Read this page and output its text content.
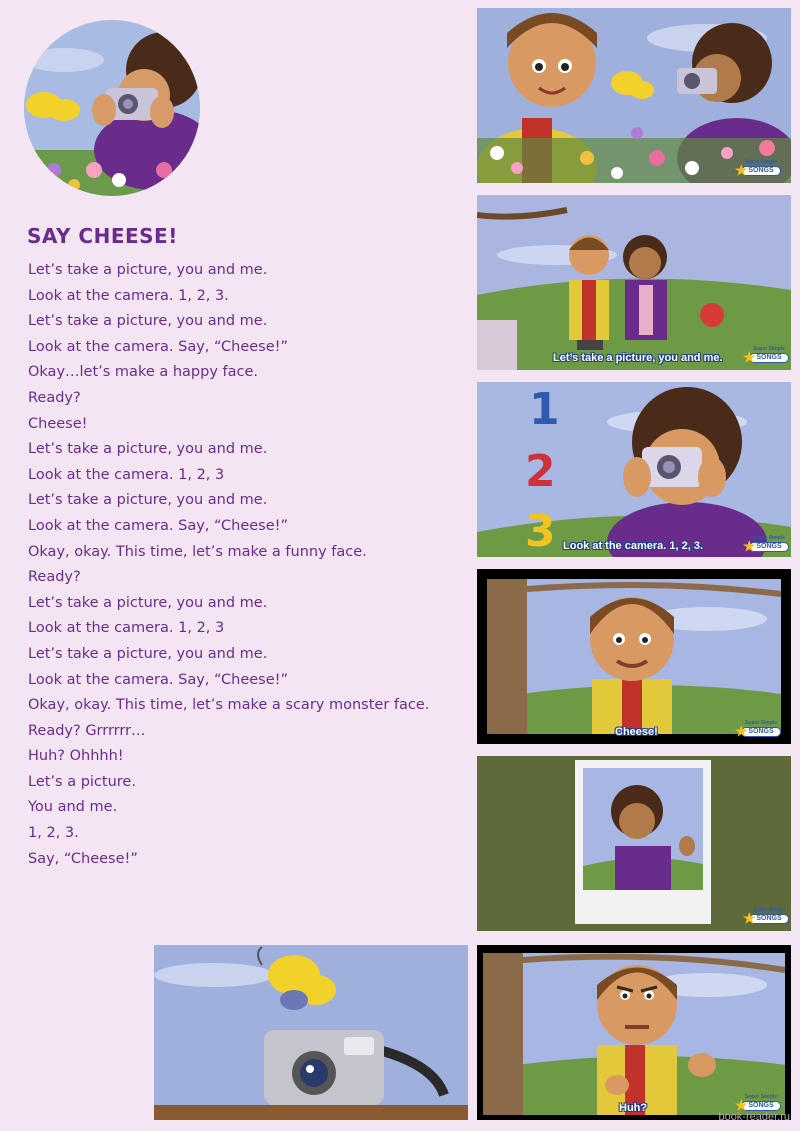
SAY CHEESE!
Let’s take a picture, you and me.
Look at the camera. 1, 2, 3.
Let’s take a picture, you and me.
Look at the camera. Say, “Cheese!”
Okay…let’s make a happy face.
Ready?
Cheese!
Let’s take a picture, you and me.
Look at the camera. 1, 2, 3
Let’s take a picture, you and me.
Look at the camera. Say, “Cheese!”
Okay, okay. This time, let’s make a funny face.
Ready?
Let’s take a picture, you and me.
Look at the camera. 1, 2, 3
Let’s take a picture, you and me.
Look at the camera. Say, “Cheese!”
Okay, okay. This time, let’s make a scary monster face.
Ready? Grrrrrr…
Huh? Ohhhh!
Let’s a picture.
You and me.
1, 2, 3.
Say, “Cheese!”
★
Super Simple
SONGS
Let’s take a picture, you and me. ★
Super Simple
SONGS
1
2
3 Look at the camera. 1, 2, 3.	★
Super Simple
SONGS
Cheese!	★
Super Simple
SONGS
★
Super Simple
SONGS
Huh?	★
Super Simple
SONGS
book-reader.ru
